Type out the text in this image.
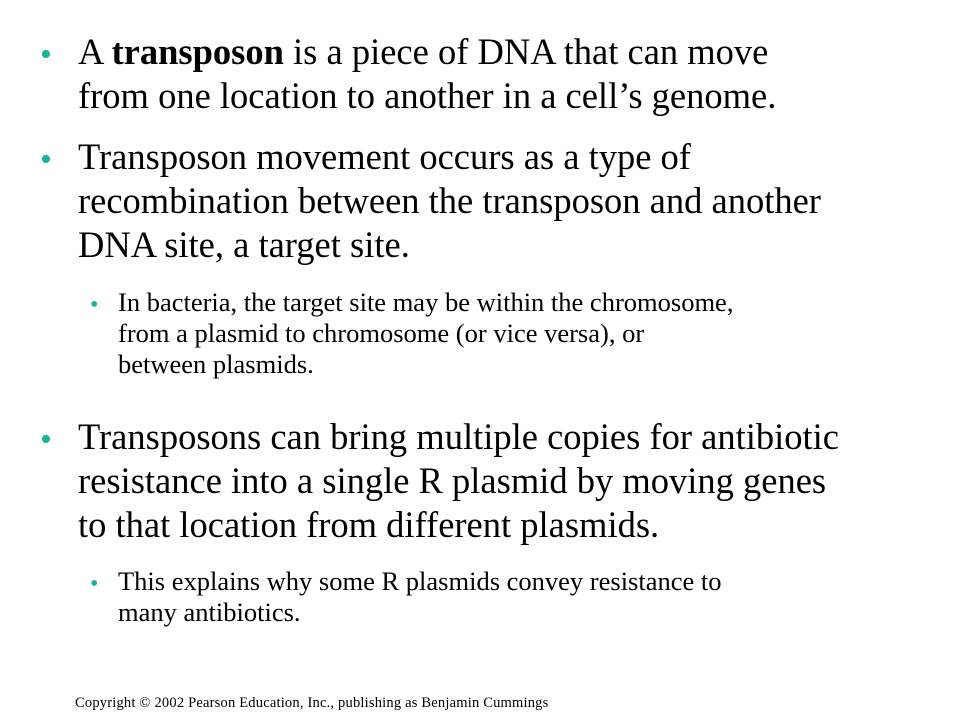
• A transposon is a piece of DNA that can move
from one location to another in a cell’s genome.

• Transposon movement occurs as a type of
recombination between the transposon and another
DNA site, a target site.

• In bacteria, the target site may be within the chromosome,
from a plasmid to chromosome (or vice versa), or
between plasmids.

• Transposons can bring multiple copies for antibiotic
resistance into a single R plasmid by moving genes
to that location from different plasmids.

• This explains why some R plasmids convey resistance to
many antibiotics.

Copyright © 2002 Pearson Education, Inc., publishing as Benjamin Cummings
